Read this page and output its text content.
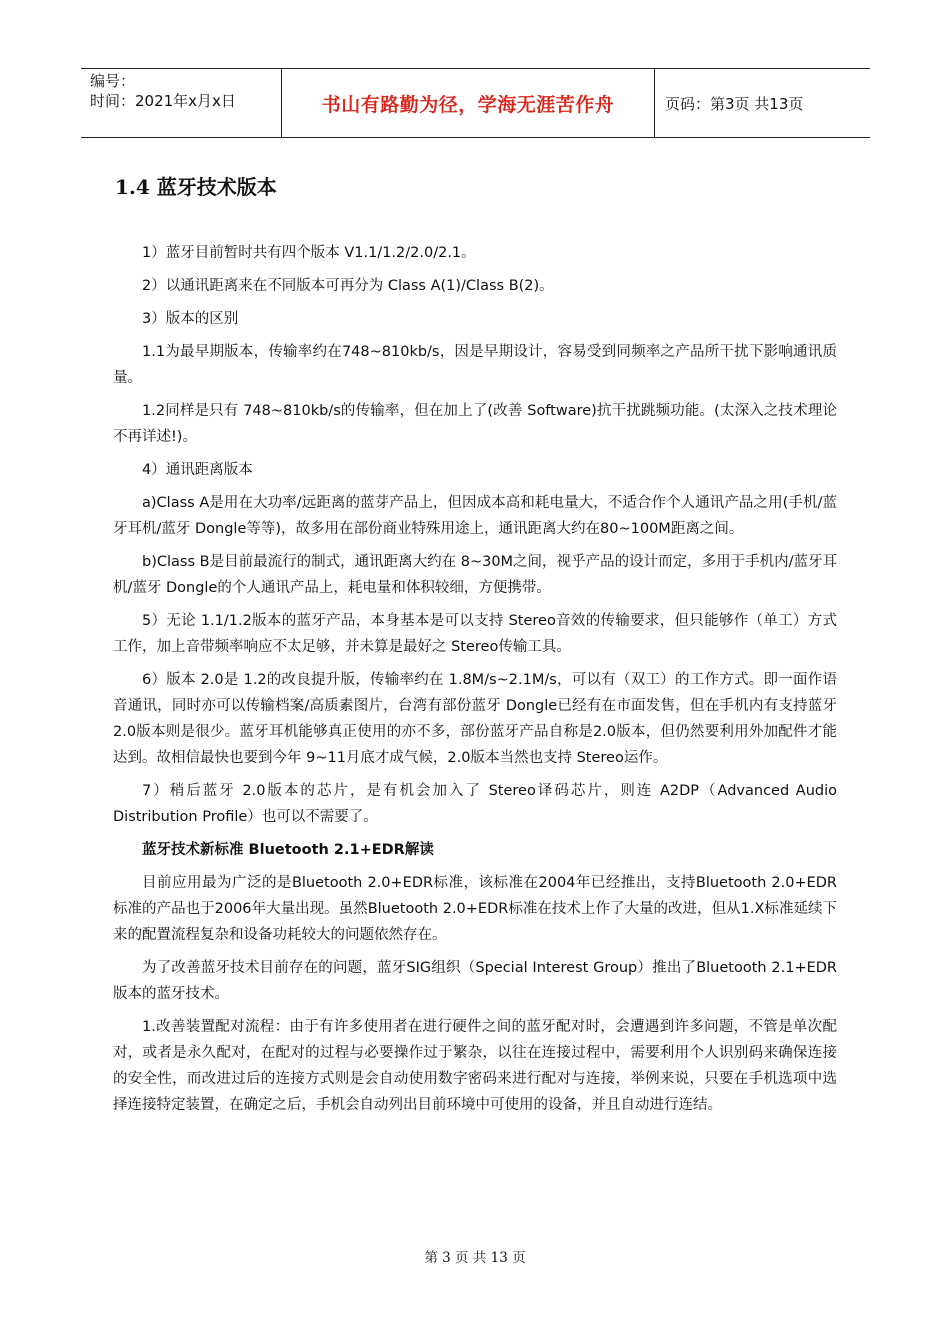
编号：
时间：2021年x月x日	书山有路勤为径，学海无涯苦作舟	页码：第3页 共13页
1.4 蓝牙技术版本

1）蓝牙目前暂时共有四个版本 V1.1/1.2/2.0/2.1。

2）以通讯距离来在不同版本可再分为 Class A(1)/Class B(2)。

3）版本的区别

1.1为最早期版本，传输率约在748~810kb/s，因是早期设计，容易受到同频率之产品所干扰下影响通讯质量。

1.2同样是只有 748~810kb/s的传输率，但在加上了(改善 Software)抗干扰跳频功能。(太深入之技术理论不再详述!)。

4）通讯距离版本

a)Class A是用在大功率/远距离的蓝芽产品上，但因成本高和耗电量大，不适合作个人通讯产品之用(手机/蓝牙耳机/蓝牙 Dongle等等)，故多用在部份商业特殊用途上，通讯距离大约在80~100M距离之间。

b)Class B是目前最流行的制式，通讯距离大约在 8~30M之间，视乎产品的设计而定，多用于手机内/蓝牙耳机/蓝牙 Dongle的个人通讯产品上，耗电量和体积较细，方便携带。

5）无论 1.1/1.2版本的蓝牙产品，本身基本是可以支持 Stereo音效的传输要求，但只能够作（单工）方式工作，加上音带频率响应不太足够，并未算是最好之 Stereo传输工具。

6）版本 2.0是 1.2的改良提升版，传输率约在 1.8M/s~2.1M/s，可以有（双工）的工作方式。即一面作语音通讯，同时亦可以传输档案/高质素图片，台湾有部份蓝牙 Dongle已经有在市面发售，但在手机内有支持蓝牙 2.0版本则是很少。蓝牙耳机能够真正使用的亦不多，部份蓝牙产品自称是2.0版本，但仍然要利用外加配件才能达到。故相信最快也要到今年 9~11月底才成气候，2.0版本当然也支持 Stereo运作。

7）稍后蓝牙 2.0版本的芯片，是有机会加入了 Stereo译码芯片，则连 A2DP（Advanced Audio Distribution Profile）也可以不需要了。

蓝牙技术新标准 Bluetooth 2.1+EDR解读

目前应用最为广泛的是Bluetooth 2.0+EDR标准，该标准在2004年已经推出，支持Bluetooth 2.0+EDR标准的产品也于2006年大量出现。虽然Bluetooth 2.0+EDR标准在技术上作了大量的改进，但从1.X标准延续下来的配置流程复杂和设备功耗较大的问题依然存在。

为了改善蓝牙技术目前存在的问题，蓝牙SIG组织（Special Interest Group）推出了Bluetooth 2.1+EDR版本的蓝牙技术。

1.改善装置配对流程：由于有许多使用者在进行硬件之间的蓝牙配对时，会遭遇到许多问题，不管是单次配对，或者是永久配对，在配对的过程与必要操作过于繁杂，以往在连接过程中，需要利用个人识别码来确保连接的安全性，而改进过后的连接方式则是会自动使用数字密码来进行配对与连接，举例来说，只要在手机选项中选择连接特定装置，在确定之后，手机会自动列出目前环境中可使用的设备，并且自动进行连结。

第 3 页 共 13 页
